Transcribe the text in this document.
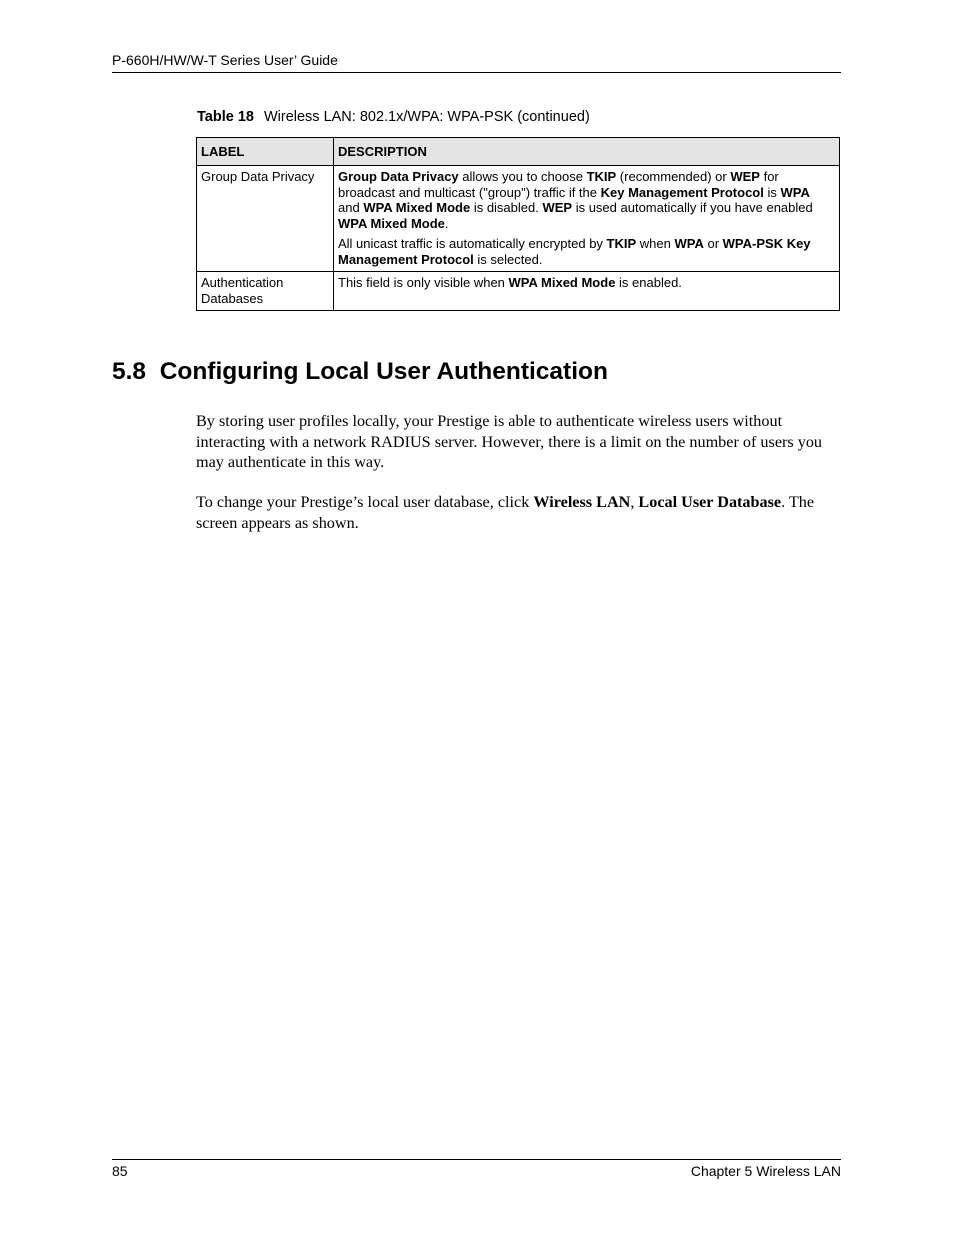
P-660H/HW/W-T Series User’ Guide
Table 18 Wireless LAN: 802.1x/WPA: WPA-PSK (continued)
LABEL	DESCRIPTION
Group Data Privacy	Group Data Privacy allows you to choose TKIP (recommended) or WEP for broadcast and multicast ("group") traffic if the Key Management Protocol is WPA and WPA Mixed Mode is disabled. WEP is used automatically if you have enabled WPA Mixed Mode.

All unicast traffic is automatically encrypted by TKIP when WPA or WPA-PSK Key Management Protocol is selected.

Authentication Databases	This field is only visible when WPA Mixed Mode is enabled.

5.8 Configuring Local User Authentication

By storing user profiles locally, your Prestige is able to authenticate wireless users without interacting with a network RADIUS server. However, there is a limit on the number of users you may authenticate in this way.

To change your Prestige’s local user database, click Wireless LAN, Local User Database. The screen appears as shown.

85	Chapter 5 Wireless LAN
